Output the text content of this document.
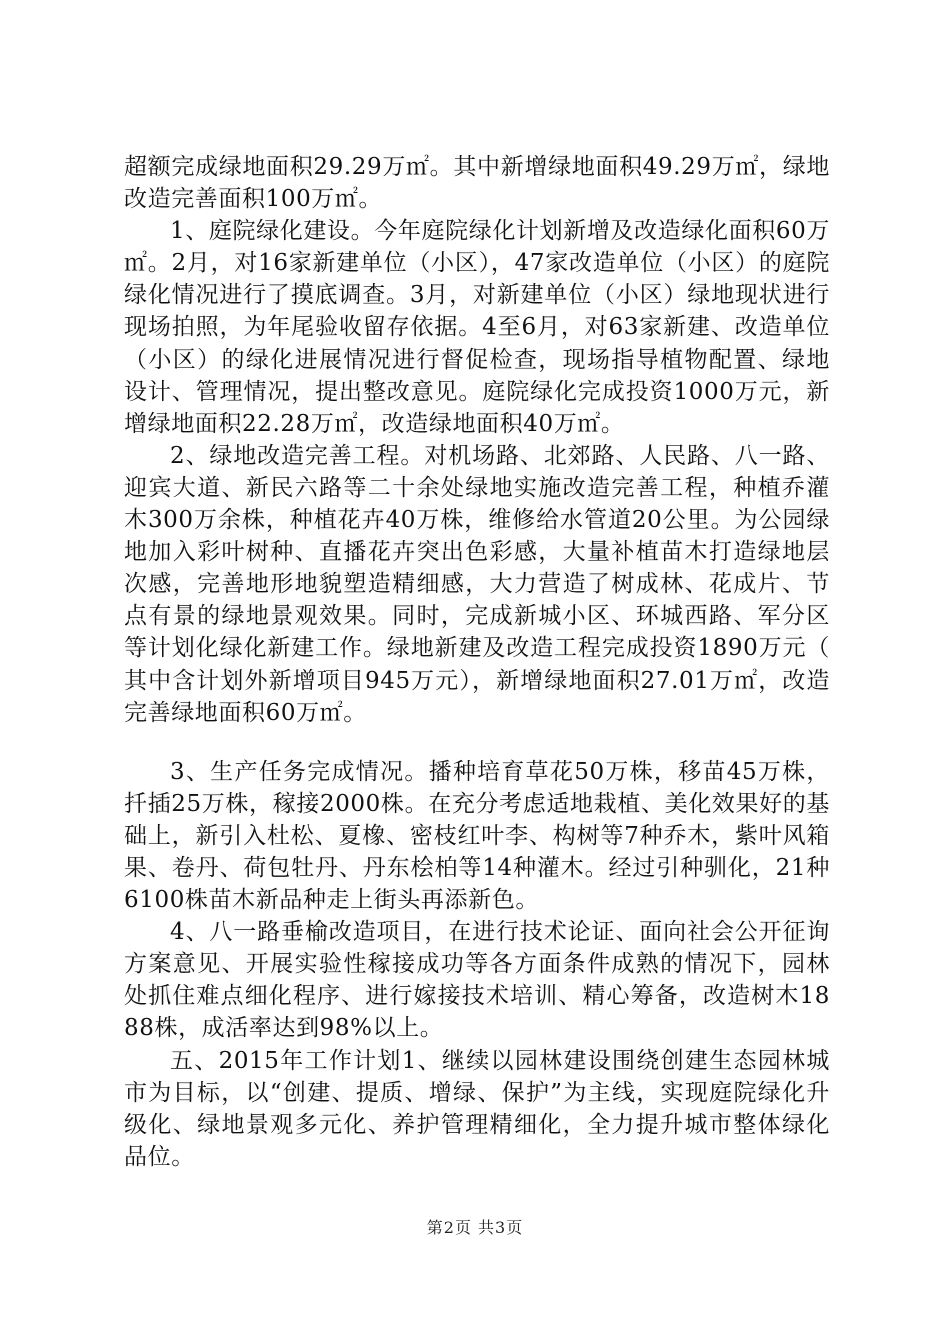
超额完成绿地面积29.29万㎡。其中新增绿地面积49.29万㎡，绿地改造完善面积100万㎡。

1、庭院绿化建设。今年庭院绿化计划新增及改造绿化面积60万㎡。2月，对16家新建单位（小区），47家改造单位（小区）的庭院绿化情况进行了摸底调查。3月，对新建单位（小区）绿地现状进行现场拍照，为年尾验收留存依据。4至6月，对63家新建、改造单位（小区）的绿化进展情况进行督促检查，现场指导植物配置、绿地设计、管理情况，提出整改意见。庭院绿化完成投资1000万元，新增绿地面积22.28万㎡，改造绿地面积40万㎡。

2、绿地改造完善工程。对机场路、北郊路、人民路、八一路、迎宾大道、新民六路等二十余处绿地实施改造完善工程，种植乔灌木300万余株，种植花卉40万株，维修给水管道20公里。为公园绿地加入彩叶树种、直播花卉突出色彩感，大量补植苗木打造绿地层次感，完善地形地貌塑造精细感，大力营造了树成林、花成片、节点有景的绿地景观效果。同时，完成新城小区、环城西路、军分区等计划化绿化新建工作。绿地新建及改造工程完成投资1890万元（其中含计划外新增项目945万元），新增绿地面积27.01万㎡，改造完善绿地面积60万㎡。

3、生产任务完成情况。播种培育草花50万株，移苗45万株，扦插25万株，稼接2000株。在充分考虑适地栽植、美化效果好的基础上，新引入杜松、夏橡、密枝红叶李、构树等7种乔木，紫叶风箱果、卷丹、荷包牡丹、丹东桧柏等14种灌木。经过引种驯化，21种6100株苗木新品种走上街头再添新色。

4、八一路垂榆改造项目，在进行技术论证、面向社会公开征询方案意见、开展实验性稼接成功等各方面条件成熟的情况下，园林处抓住难点细化程序、进行嫁接技术培训、精心筹备，改造树木1888株，成活率达到98%以上。

五、2015年工作计划1、继续以园林建设围绕创建生态园林城市为目标，以“创建、提质、增绿、保护”为主线，实现庭院绿化升级化、绿地景观多元化、养护管理精细化，全力提升城市整体绿化品位。

第2页 共3页
